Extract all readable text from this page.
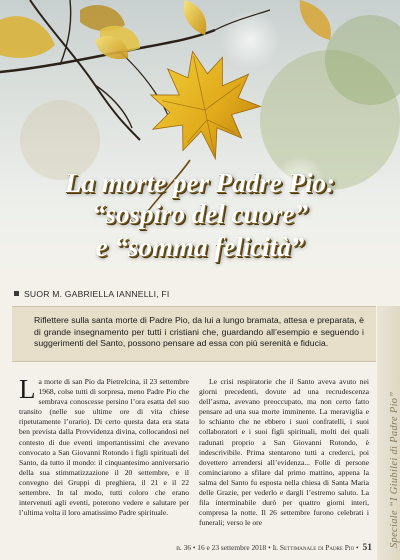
La morte per Padre Pio:
“sospiro del cuore”
e “somma felicità”
SUOR M. GABRIELLA IANNELLI, FI

Riflettere sulla santa morte di Padre Pio, da lui a lungo bramata, attesa e preparata, è di grande insegnamento per tutti i cristiani che, guardando all’esempio e seguendo i suggerimenti del Santo, possono pensare ad essa con più serenità e fiducia.

La morte di san Pio da Pietrelcina, il 23 settembre 1968, colse tutti di sorpresa, meno Padre Pio che sembrava conoscesse persino l’ora esatta del suo transito (nelle sue ultime ore di vita chiese ripetutamente l’orario). Di certo questa data era stata ben prevista dalla Provvidenza divina, collocandosi nel contesto di due eventi importantissimi che avevano convocato a San Giovanni Rotondo i figli spirituali del Santo, da tutto il mondo: il cinquantesimo anniversario della sua stimmatizzazione il 20 settembre, e il convegno dei Gruppi di preghiera, il 21 e il 22 settembre. In tal modo, tutti coloro che erano intervenuti agli eventi, poterono vedere e salutare per l’ultima volta il loro amatissimo Padre spirituale.

Le crisi respiratorie che il Santo aveva avuto nei giorni precedenti, dovute ad una recrudescenza dell’asma, avevano preoccupato, ma non certo fatto pensare ad una sua morte imminente. La meraviglia e lo schianto che ne ebbero i suoi confratelli, i suoi collaboratori e i suoi figli spirituali, molti dei quali radunati proprio a San Giovanni Rotondo, è indescrivibile. Prima stentarono tutti a crederci, poi dovettero arrendersi all’evidenza... Folle di persone cominciarono a sfilare dal primo mattino, appena la salma del Santo fu esposta nella chiesa di Santa Maria delle Grazie, per vederlo e dargli l’estremo saluto. La fila interminabile durò per quattro giorni interi, compresa la notte. Il 26 settembre furono celebrati i funerali; verso le ore	Speciale “I Giubilei di Padre Pio”
n. 36 • 16 e 23 settembre 2018 • Il Settimanale di Padre Pio • 51
